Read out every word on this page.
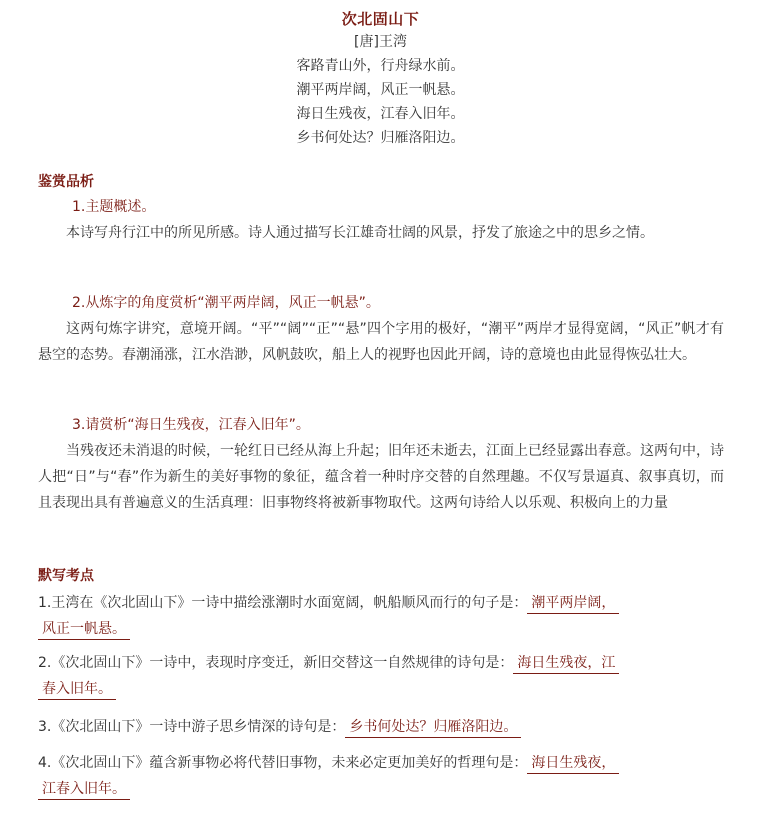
次北固山下
[唐]王湾
客路青山外，行舟绿水前。
潮平两岸阔，风正一帆悬。
海日生残夜，江春入旧年。
乡书何处达？归雁洛阳边。
鉴赏品析

1.主题概述。

本诗写舟行江中的所见所感。诗人通过描写长江雄奇壮阔的风景，抒发了旅途之中的思乡之情。

2.从炼字的角度赏析“潮平两岸阔，风正一帆悬”。

这两句炼字讲究，意境开阔。“平”“阔”“正”“悬”四个字用的极好，“潮平”两岸才显得宽阔，“风正”帆才有悬空的态势。春潮涌涨，江水浩渺，风帆鼓吹，船上人的视野也因此开阔，诗的意境也由此显得恢弘壮大。

3.请赏析“海日生残夜，江春入旧年”。

当残夜还未消退的时候，一轮红日已经从海上升起；旧年还未逝去，江面上已经显露出春意。这两句中，诗人把“日”与“春”作为新生的美好事物的象征，蕴含着一种时序交替的自然理趣。不仅写景逼真、叙事真切，而且表现出具有普遍意义的生活真理：旧事物终将被新事物取代。这两句诗给人以乐观、积极向上的力量

默写考点
1.王湾在《次北固山下》一诗中描绘涨潮时水面宽阔，帆船顺风而行的句子是： 潮平两岸阔，
风正一帆悬。
2.《次北固山下》一诗中，表现时序变迁，新旧交替这一自然规律的诗句是： 海日生残夜，江
春入旧年。
3.《次北固山下》一诗中游子思乡情深的诗句是： 乡书何处达？归雁洛阳边。
4.《次北固山下》蕴含新事物必将代替旧事物，未来必定更加美好的哲理句是： 海日生残夜，
江春入旧年。
